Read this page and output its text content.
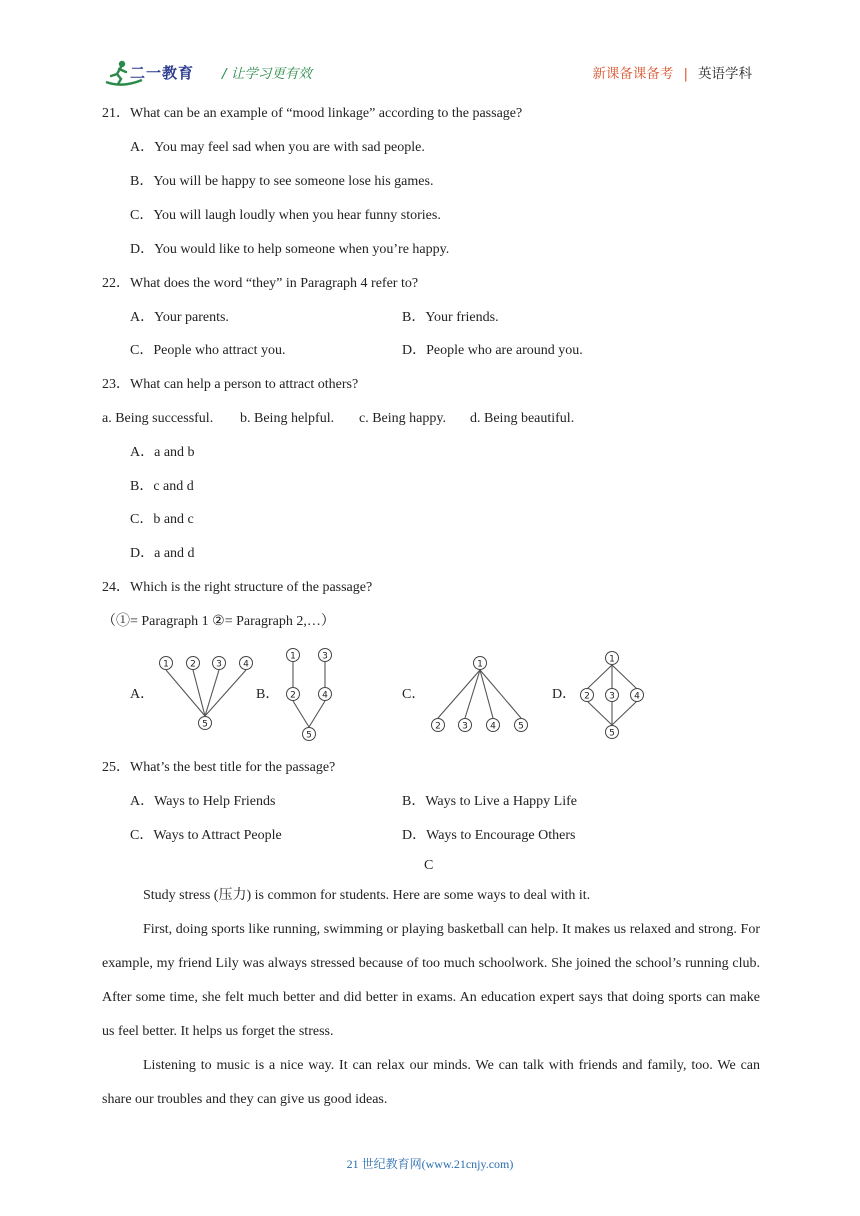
二一教育 / 让学习更有效	新课备课备考 | 英语学科
21．What can be an example of “mood linkage” according to the passage?
A．You may feel sad when you are with sad people.
B．You will be happy to see someone lose his games.
C．You will laugh loudly when you hear funny stories.
D．You would like to help someone when you’re happy.
22．What does the word “they” in Paragraph 4 refer to?
A．Your parents.	B．Your friends.
C．People who attract you.	D．People who are around you.
23．What can help a person to attract others?
a. Being successful. b. Being helpful. c. Being happy. d. Being beautiful.
A．a and b
B．c and d
C．b and c
D．a and d
24．Which is the right structure of the passage?
（①= Paragraph 1 ②= Paragraph 2,…）
A．	B．	C．	D．
1 2 3 4
5
1	3
2	4
5
1
2 3 4 5
1
2 3 4
5
25．What’s the best title for the passage?
A．Ways to Help Friends	B．Ways to Live a Happy Life
C．Ways to Attract People	D．Ways to Encourage Others
C
Study stress (压力) is common for students. Here are some ways to deal with it.
First, doing sports like running, swimming or playing basketball can help. It makes us relaxed and strong. For example, my friend Lily was always stressed because of too much schoolwork. She joined the school’s running club. After some time, she felt much better and did better in exams. An education expert says that doing sports can make us feel better. It helps us forget the stress.
Listening to music is a nice way. It can relax our minds. We can talk with friends and family, too. We can share our troubles and they can give us good ideas.
21 世纪教育网(www.21cnjy.com)
